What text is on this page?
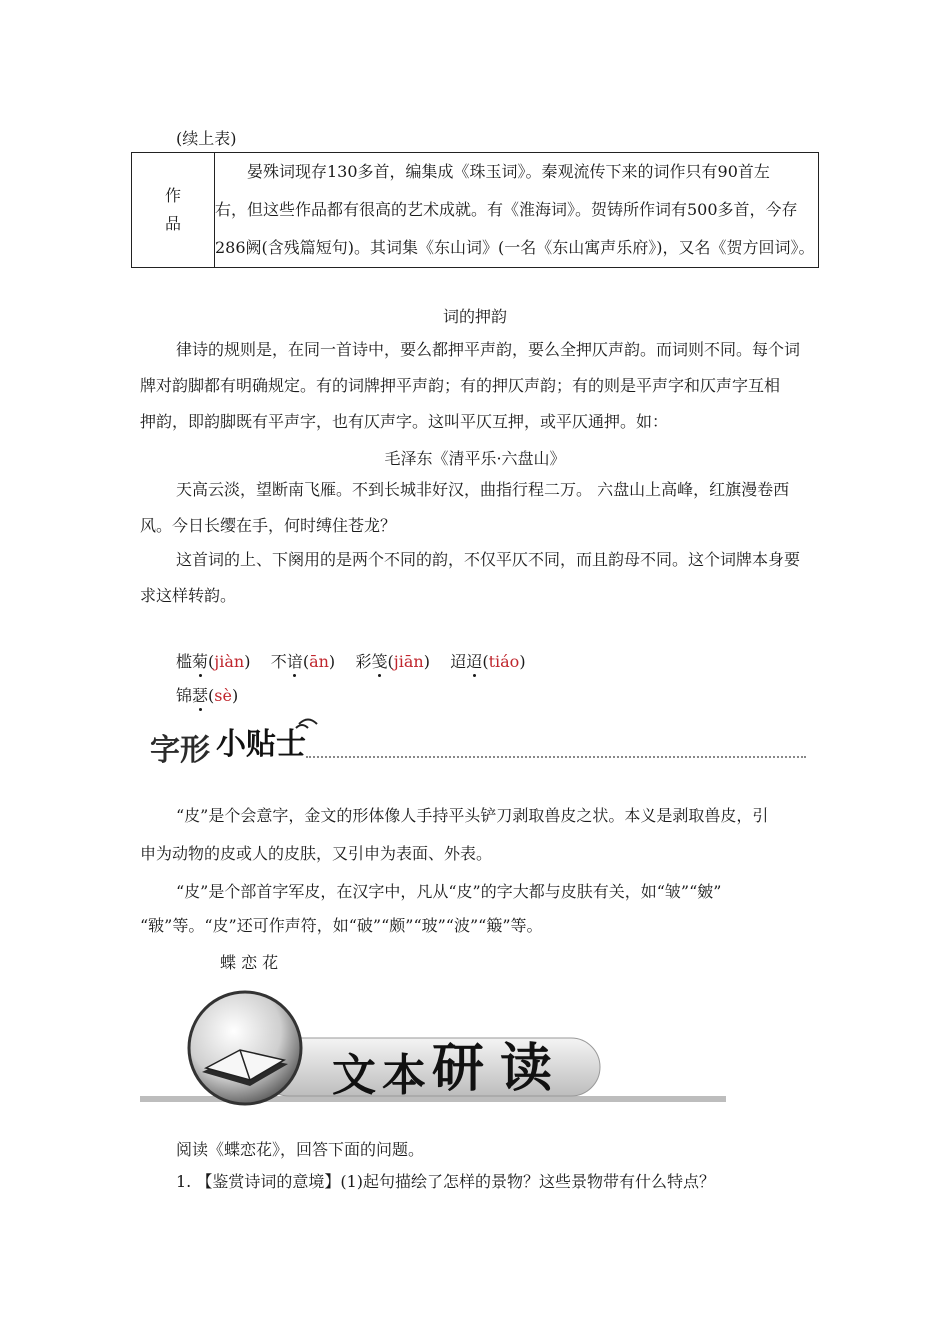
(续上表)
作
品

晏殊词现存130多首，编集成《珠玉词》。秦观流传下来的词作只有90首左
右，但这些作品都有很高的艺术成就。有《淮海词》。贺铸所作词有500多首，今存
286阙(含残篇短句)。其词集《东山词》(一名《东山寓声乐府》)，又名《贺方回词》。
词的押韵
律诗的规则是，在同一首诗中，要么都押平声韵，要么全押仄声韵。而词则不同。每个词
牌对韵脚都有明确规定。有的词牌押平声韵；有的押仄声韵；有的则是平声字和仄声字互相
押韵，即韵脚既有平声字，也有仄声字。这叫平仄互押，或平仄通押。如：
毛泽东《清平乐·六盘山》
天高云淡，望断南飞雁。不到长城非好汉，曲指行程二万。 六盘山上高峰，红旗漫卷西
风。今日长缨在手，何时缚住苍龙？
这首词的上、下阕用的是两个不同的韵，不仅平仄不同，而且韵母不同。这个词牌本身要
求这样转韵。
槛菊(jiàn) 不谙(ān) 彩笺(jiān) 迢迢(tiáo)
锦瑟(sè)
字形 小贴士
“皮”是个会意字，金文的形体像人手持平头铲刀剥取兽皮之状。本义是剥取兽皮，引
申为动物的皮或人的皮肤，又引申为表面、外表。
“皮”是个部首字军皮，在汉字中，凡从“皮”的字大都与皮肤有关，如“皱”“皴”
“皲”等。“皮”还可作声符，如“破”“颇”“玻”“波”“簸”等。
蝶 恋 花
文 本 研 读
阅读《蝶恋花》，回答下面的问题。
1. 【鉴赏诗词的意境】(1)起句描绘了怎样的景物？这些景物带有什么特点？
